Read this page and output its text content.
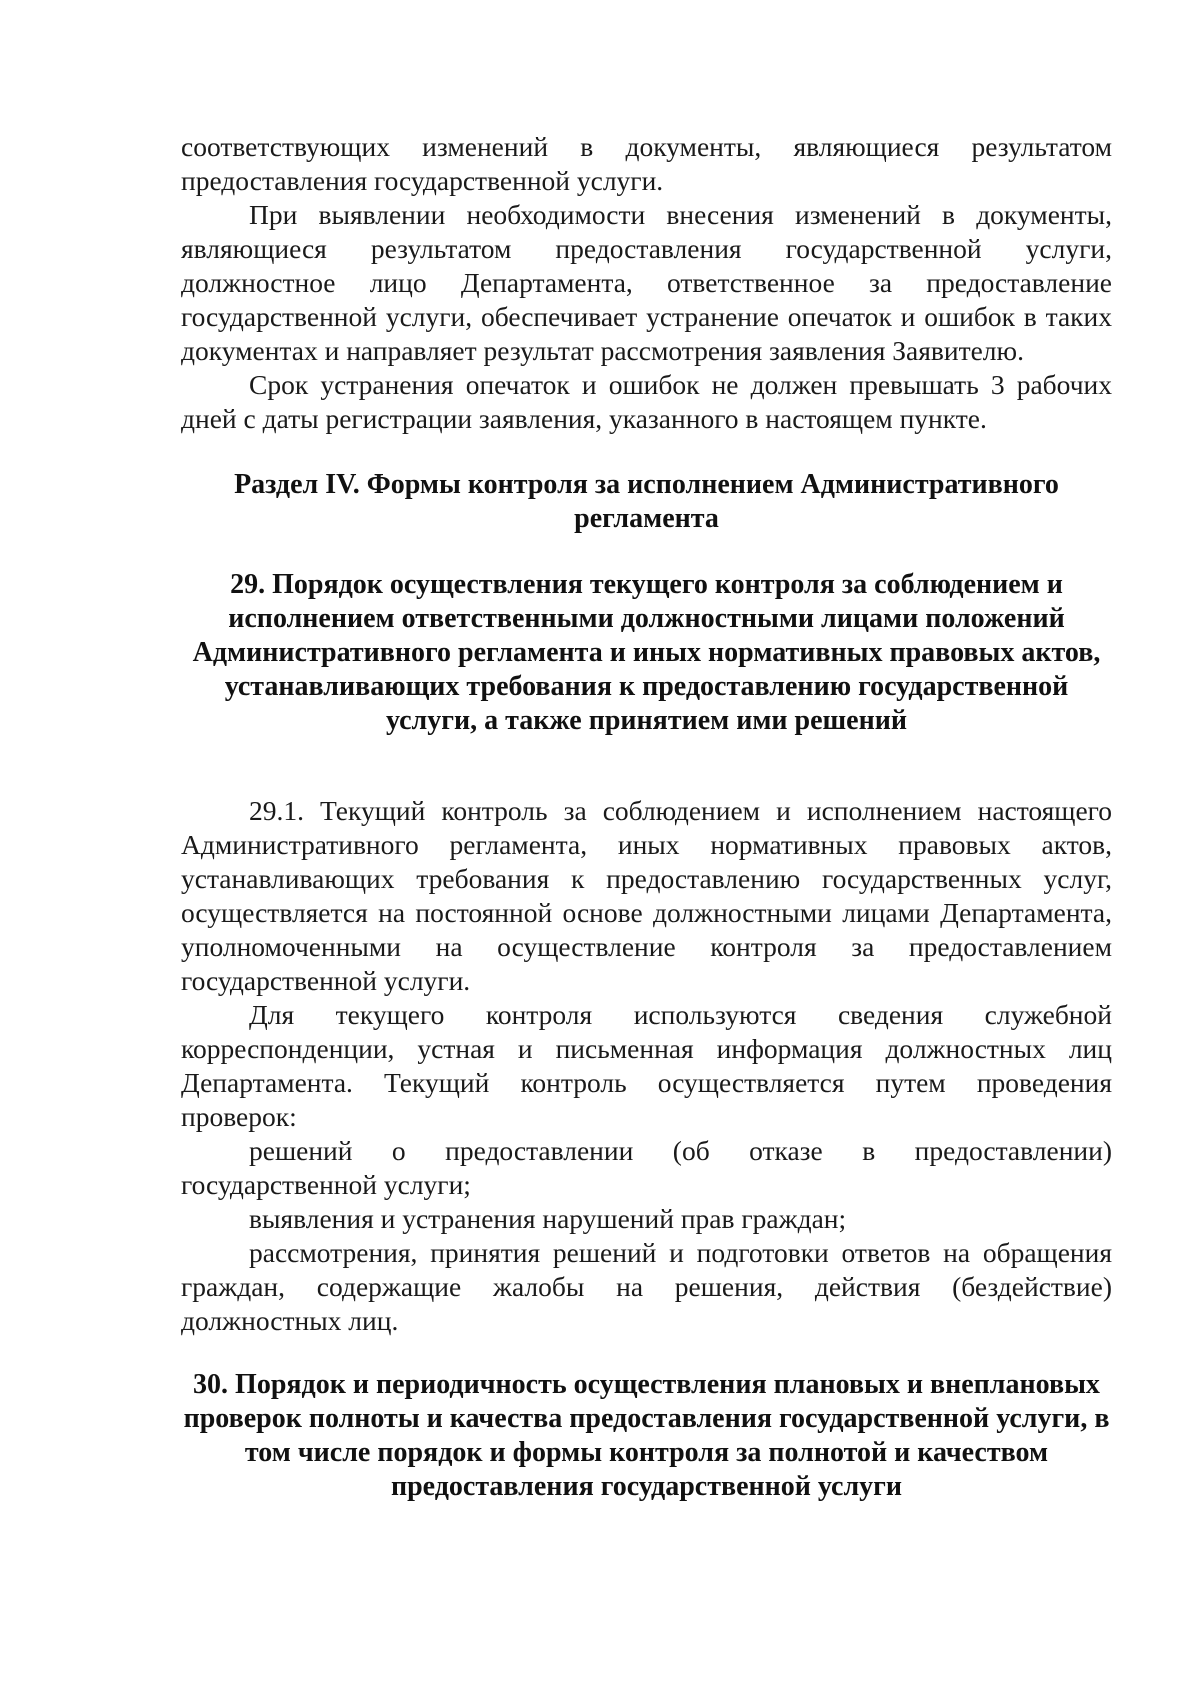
соответствующих изменений в документы, являющиеся результатом предоставления государственной услуги.

При выявлении необходимости внесения изменений в документы, являющиеся результатом предоставления государственной услуги, должностное лицо Департамента, ответственное за предоставление государственной услуги, обеспечивает устранение опечаток и ошибок в таких документах и направляет результат рассмотрения заявления Заявителю.

Срок устранения опечаток и ошибок не должен превышать 3 рабочих дней с даты регистрации заявления, указанного в настоящем пункте.

Раздел IV. Формы контроля за исполнением Административного
регламента
29. Порядок осуществления текущего контроля за соблюдением и
исполнением ответственными должностными лицами положений
Административного регламента и иных нормативных правовых актов,
устанавливающих требования к предоставлению государственной
услуги, а также принятием ими решений

29.1. Текущий контроль за соблюдением и исполнением настоящего Административного регламента, иных нормативных правовых актов, устанавливающих требования к предоставлению государственных услуг, осуществляется на постоянной основе должностными лицами Департамента, уполномоченными на осуществление контроля за предоставлением государственной услуги.

Для текущего контроля используются сведения служебной корреспонденции, устная и письменная информация должностных лиц Департамента. Текущий контроль осуществляется путем проведения проверок:

решений о предоставлении (об отказе в предоставлении) государственной услуги;

выявления и устранения нарушений прав граждан;

рассмотрения, принятия решений и подготовки ответов на обращения граждан, содержащие жалобы на решения, действия (бездействие) должностных лиц.

30. Порядок и периодичность осуществления плановых и внеплановых
проверок полноты и качества предоставления государственной услуги, в
том числе порядок и формы контроля за полнотой и качеством
предоставления государственной услуги
